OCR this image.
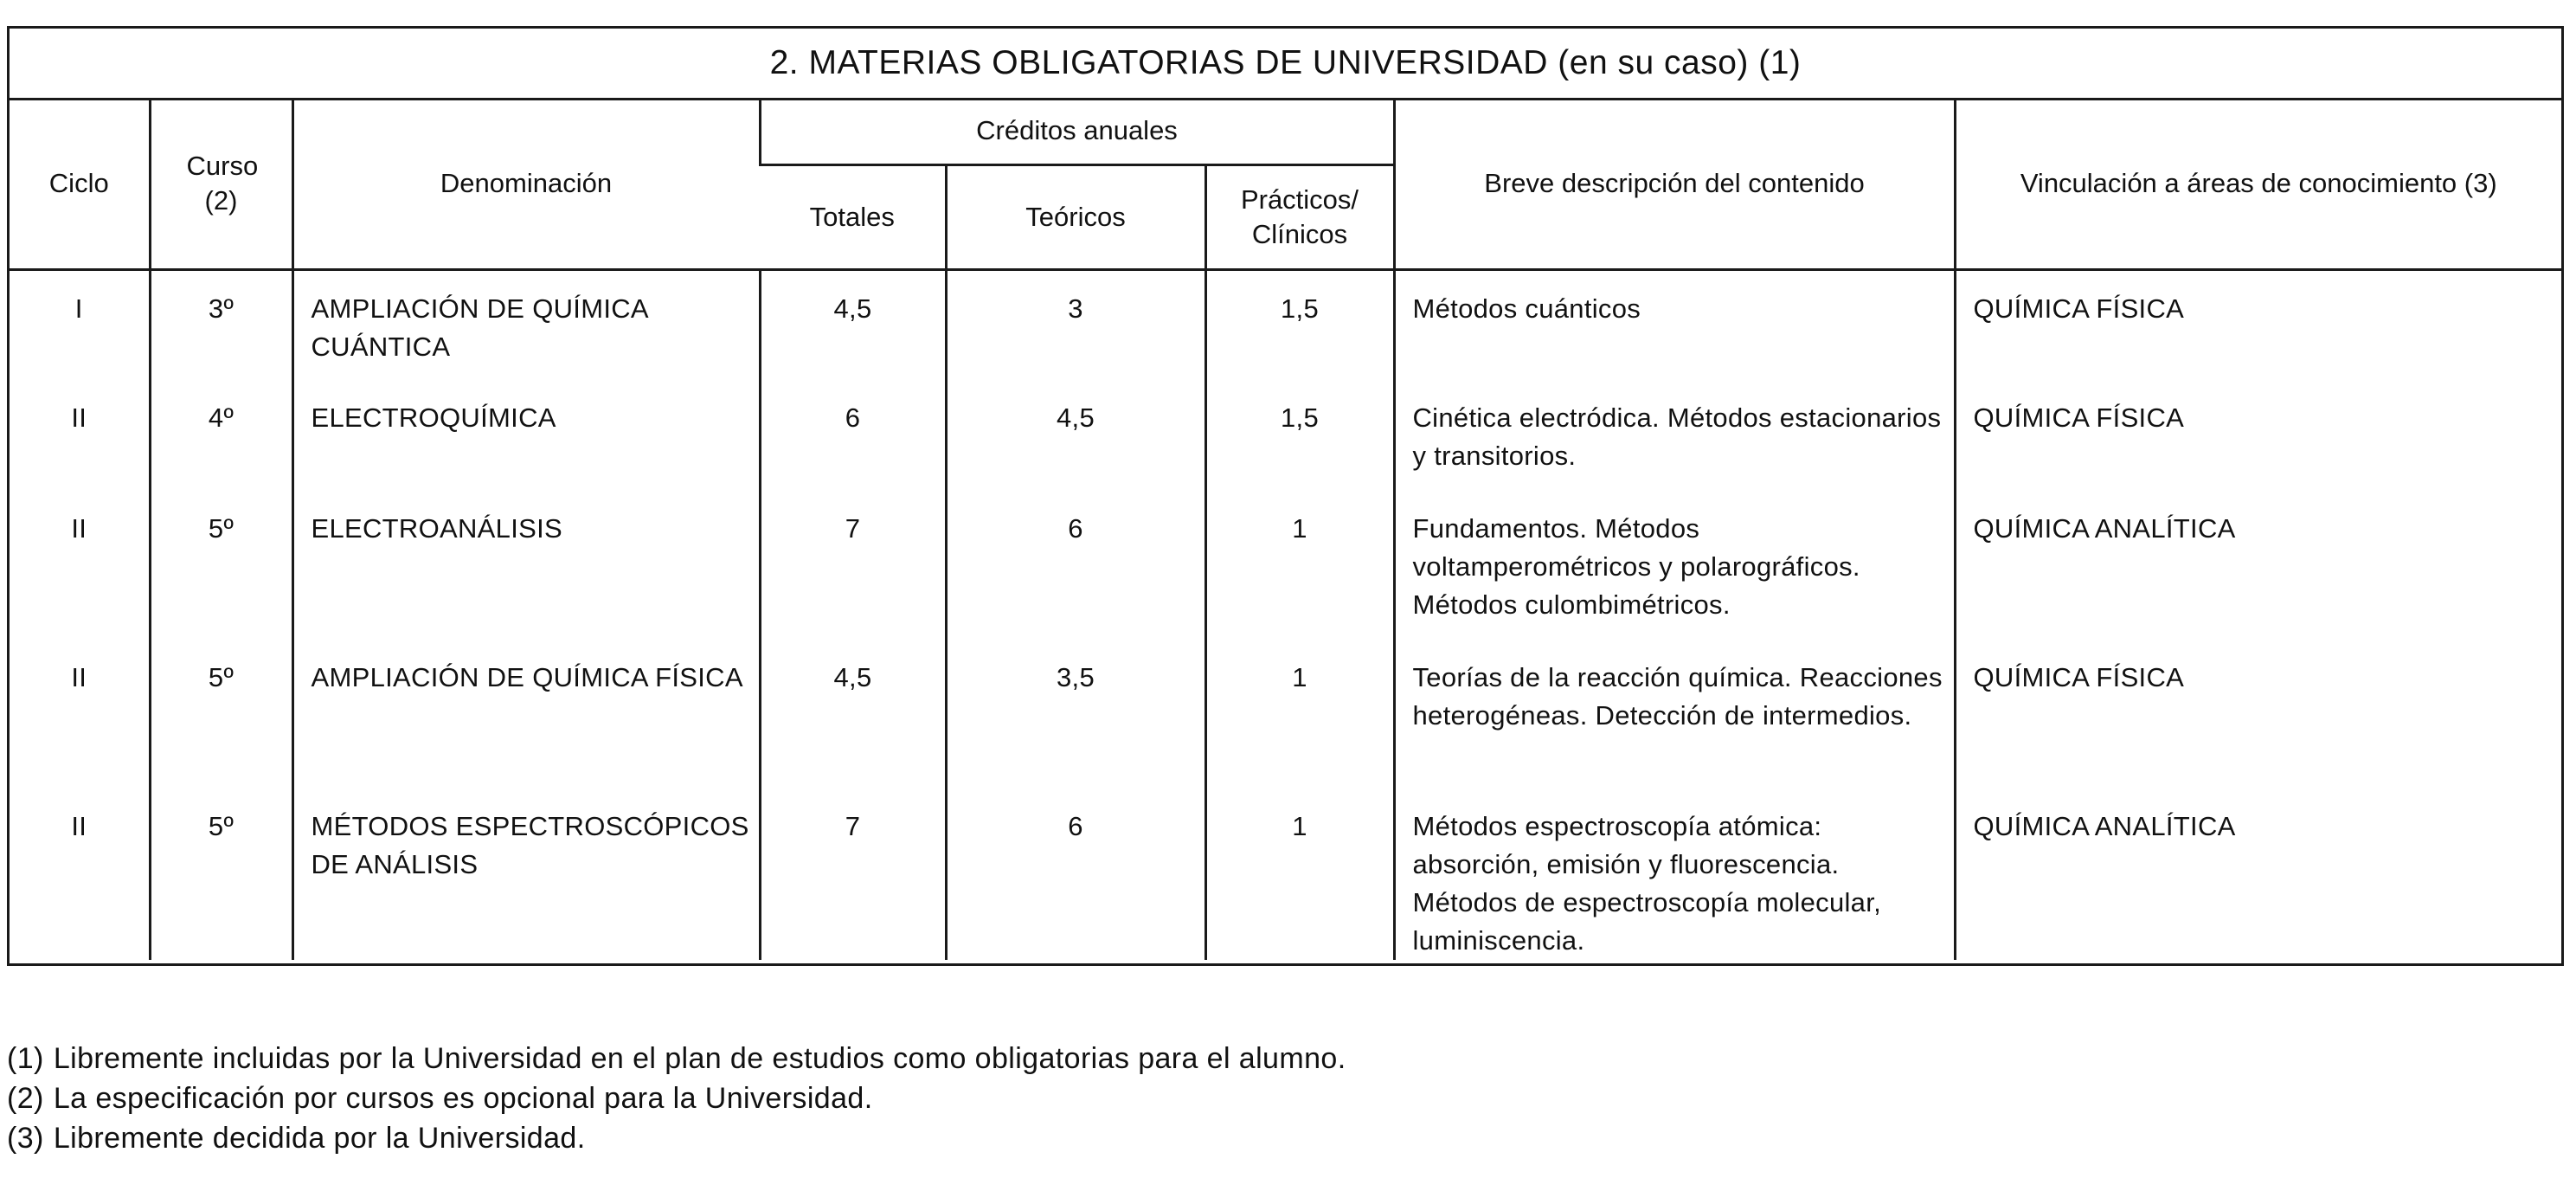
2. MATERIAS OBLIGATORIAS DE UNIVERSIDAD (en su caso) (1)
Ciclo	Curso (2)	Denominación	Créditos anuales			Breve descripción del contenido	Vinculación a áreas de conocimiento (3)
			Totales	Teóricos	Prácticos/ Clínicos		

I	3º	AMPLIACIÓN DE QUÍMICA CUÁNTICA	4,5	3	1,5	Métodos cuánticos	QUÍMICA FÍSICA
II	4º	ELECTROQUÍMICA	6	4,5	1,5	Cinética electródica. Métodos estacionarios y transitorios.	QUÍMICA FÍSICA
II	5º	ELECTROANÁLISIS	7	6	1	Fundamentos. Métodos voltamperométricos y polarográficos. Métodos culombimétricos.	QUÍMICA ANALÍTICA
II	5º	AMPLIACIÓN DE QUÍMICA FÍSICA	4,5	3,5	1	Teorías de la reacción química. Reacciones heterogéneas. Detección de intermedios.	QUÍMICA FÍSICA
II	5º	MÉTODOS ESPECTROSCÓPICOS DE ANÁLISIS	7	6	1	Métodos espectroscopía atómica: absorción, emisión y fluorescencia. Métodos de espectroscopía molecular, luminiscencia.	QUÍMICA ANALÍTICA
(1) Libremente incluidas por la Universidad en el plan de estudios como obligatorias para el alumno.
(2) La especificación por cursos es opcional para la Universidad.
(3) Libremente decidida por la Universidad.
